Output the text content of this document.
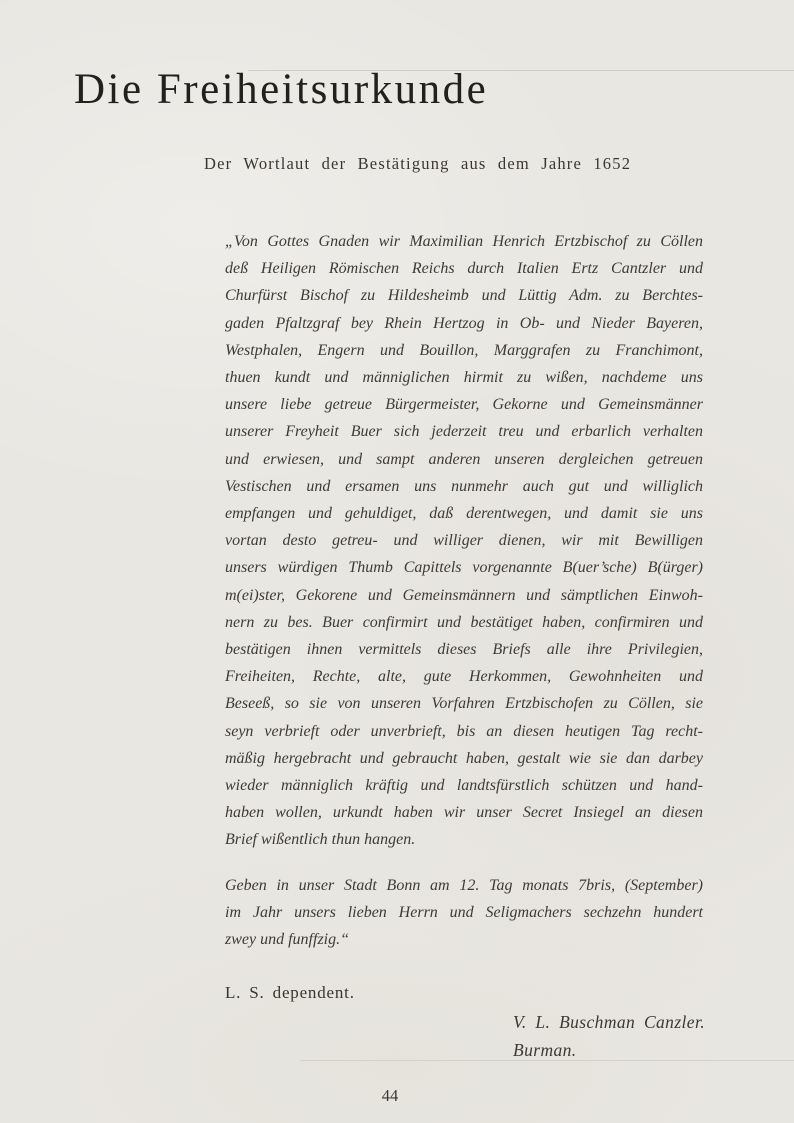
Die Freiheitsurkunde
Der Wortlaut der Bestätigung aus dem Jahre 1652
„Von Gottes Gnaden wir Maximilian Henrich Ertzbischof zu Cöllen
deß Heiligen Römischen Reichs durch Italien Ertz Cantzler und
Churfürst Bischof zu Hildesheimb und Lüttig Adm. zu Berchtes-
gaden Pfaltzgraf bey Rhein Hertzog in Ob- und Nieder Bayeren,
Westphalen, Engern und Bouillon, Marggrafen zu Franchimont,
thuen kundt und männiglichen hirmit zu wißen, nachdeme uns
unsere liebe getreue Bürgermeister, Gekorne und Gemeinsmänner
unserer Freyheit Buer sich jederzeit treu und erbarlich verhalten
und erwiesen, und sampt anderen unseren dergleichen getreuen
Vestischen und ersamen uns nunmehr auch gut und williglich
empfangen und gehuldiget, daß derentwegen, und damit sie uns
vortan desto getreu- und williger dienen, wir mit Bewilligen
unsers würdigen Thumb Capittels vorgenannte B(uer’sche) B(ürger)
m(ei)ster, Gekorene und Gemeinsmännern und sämptlichen Einwoh-
nern zu bes. Buer confirmirt und bestätiget haben, confirmiren und
bestätigen ihnen vermittels dieses Briefs alle ihre Privilegien,
Freiheiten, Rechte, alte, gute Herkommen, Gewohnheiten und
Beseeß, so sie von unseren Vorfahren Ertzbischofen zu Cöllen, sie
seyn verbrieft oder unverbrieft, bis an diesen heutigen Tag recht-
mäßig hergebracht und gebraucht haben, gestalt wie sie dan darbey
wieder männiglich kräftig und landtsfürstlich schützen und hand-
haben wollen, urkundt haben wir unser Secret Insiegel an diesen
Brief wißentlich thun hangen.
Geben in unser Stadt Bonn am 12. Tag monats 7bris, (September)
im Jahr unsers lieben Herrn und Seligmachers sechzehn hundert
zwey und funffzig.“
L. S. dependent.
V. L. Buschman Canzler.
Burman.
44
